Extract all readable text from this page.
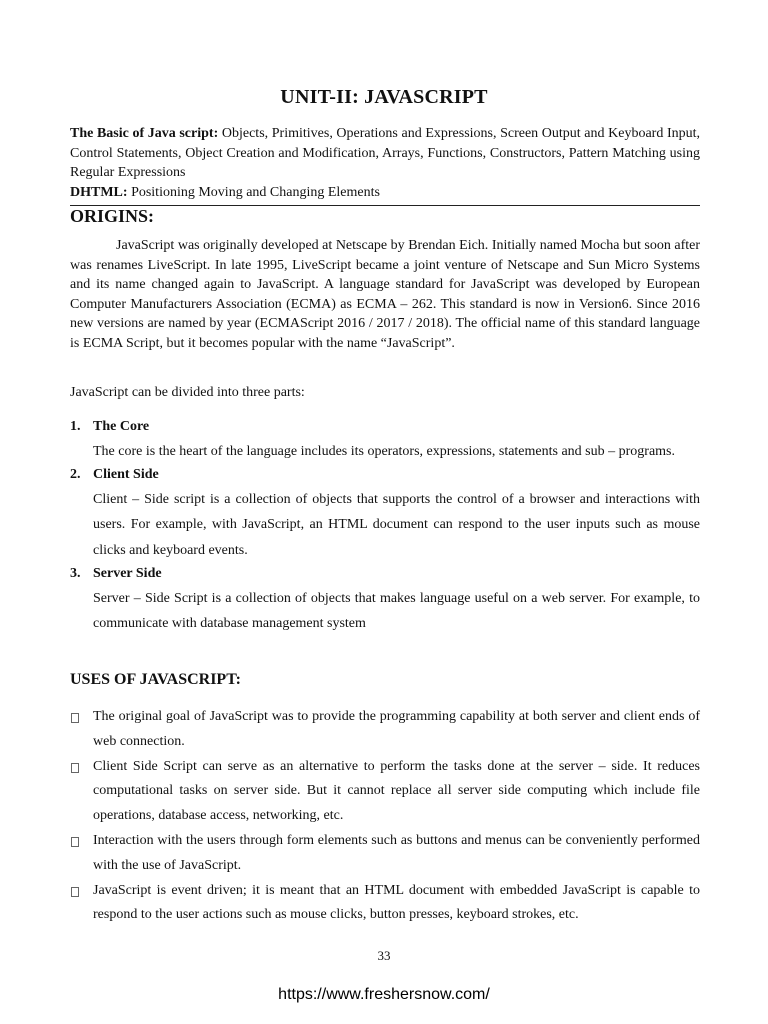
UNIT-II: JAVASCRIPT

The Basic of Java script: Objects, Primitives, Operations and Expressions, Screen Output and Keyboard Input, Control Statements, Object Creation and Modification, Arrays, Functions, Constructors, Pattern Matching using Regular Expressions

DHTML: Positioning Moving and Changing Elements

ORIGINS:

JavaScript was originally developed at Netscape by Brendan Eich. Initially named Mocha but soon after was renames LiveScript. In late 1995, LiveScript became a joint venture of Netscape and Sun Micro Systems and its name changed again to JavaScript. A language standard for JavaScript was developed by European Computer Manufacturers Association (ECMA) as ECMA – 262. This standard is now in Version6. Since 2016 new versions are named by year (ECMAScript 2016 / 2017 / 2018). The official name of this standard language is ECMA Script, but it becomes popular with the name “JavaScript”.

JavaScript can be divided into three parts:

1. The Core
The core is the heart of the language includes its operators, expressions, statements and sub – programs.
2. Client Side
Client – Side script is a collection of objects that supports the control of a browser and interactions with users. For example, with JavaScript, an HTML document can respond to the user inputs such as mouse clicks and keyboard events.
3. Server Side
Server – Side Script is a collection of objects that makes language useful on a web server. For example, to communicate with database management system
USES OF JAVASCRIPT:
The original goal of JavaScript was to provide the programming capability at both server and client ends of web connection.
Client Side Script can serve as an alternative to perform the tasks done at the server – side. It reduces computational tasks on server side. But it cannot replace all server side computing which include file operations, database access, networking, etc.
Interaction with the users through form elements such as buttons and menus can be conveniently performed with the use of JavaScript.
JavaScript is event driven; it is meant that an HTML document with embedded JavaScript is capable to respond to the user actions such as mouse clicks, button presses, keyboard strokes, etc.
33
https://www.freshersnow.com/
